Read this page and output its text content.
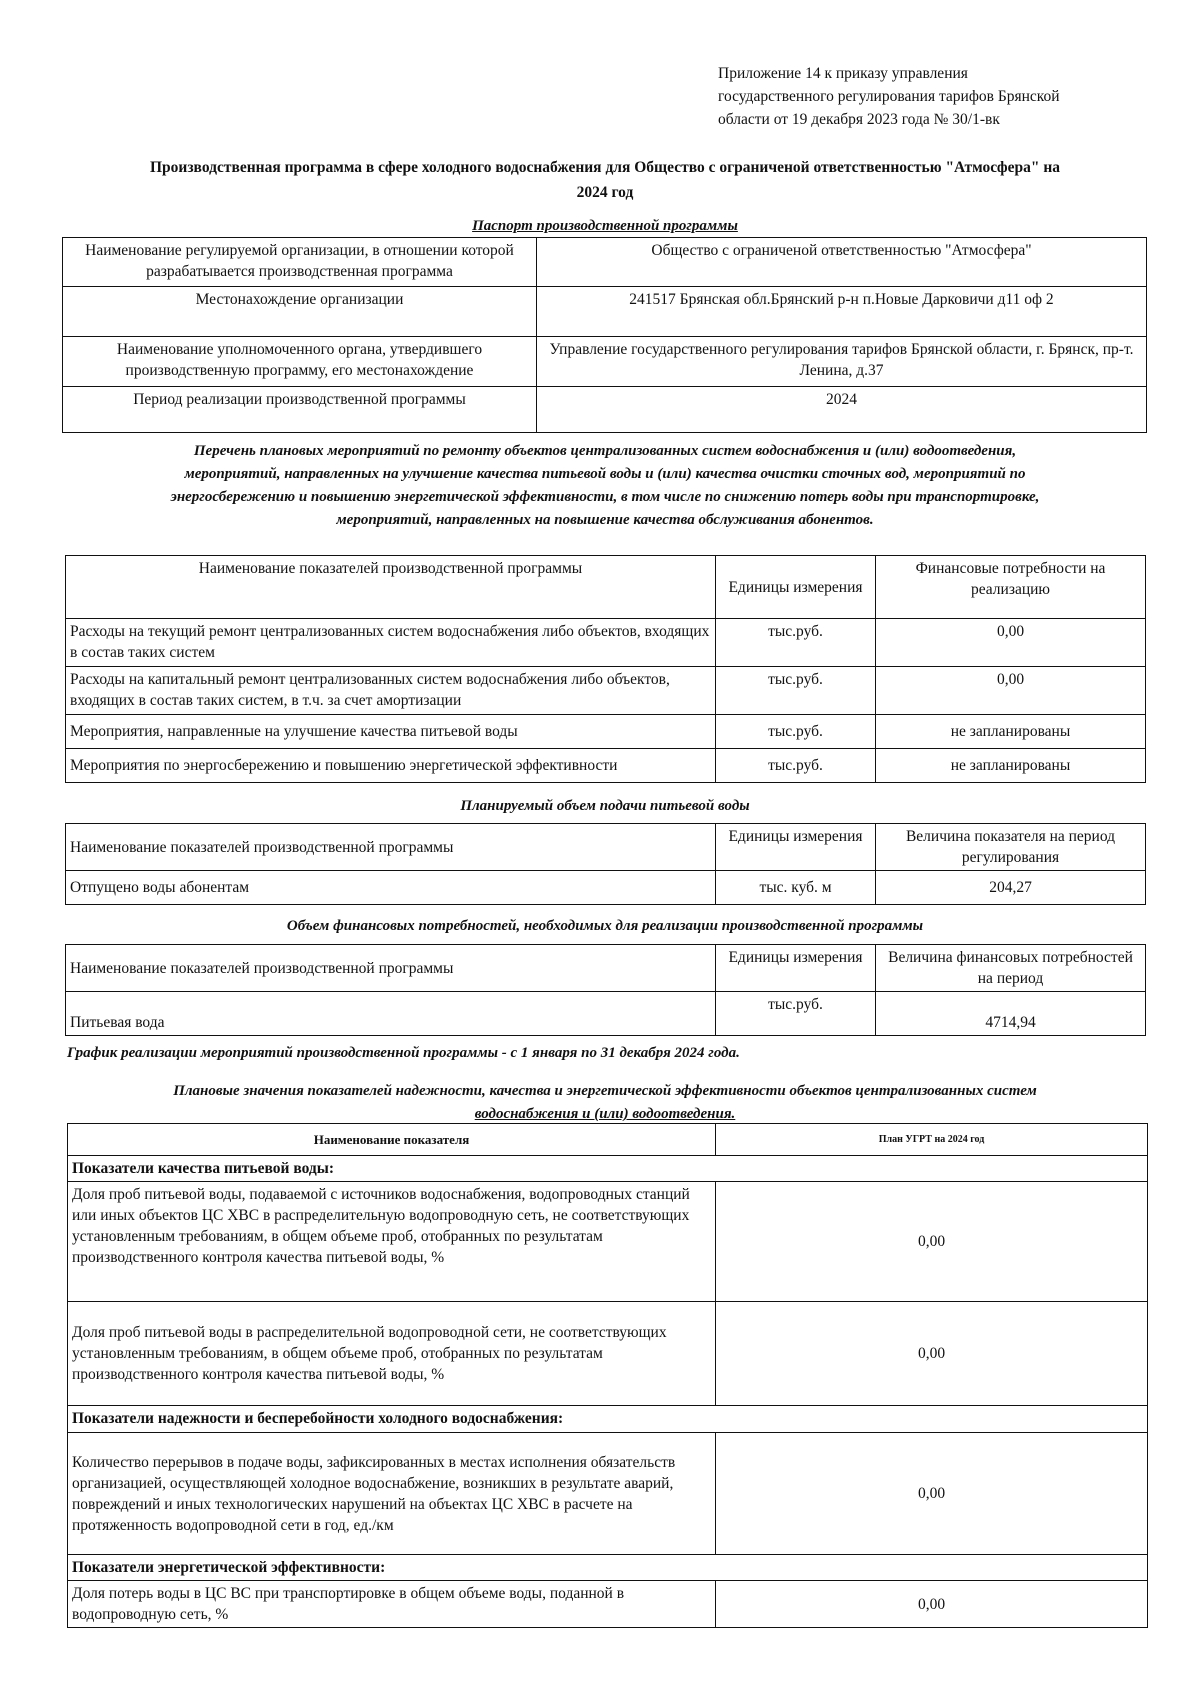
Приложение 14 к приказу управления
государственного регулирования тарифов Брянской
области от 19 декабря 2023 года № 30/1-вк
Производственная программа в сфере холодного водоснабжения для Общество с ограниченой ответственностью "Атмосфера" на
2024 год
Паспорт производственной программы
Наименование регулируемой организации, в отношении которой разрабатывается производственная программа	Общество с ограниченой ответственностью "Атмосфера"
Местонахождение организации	241517 Брянская обл.Брянский р-н п.Новые Дарковичи д11 оф 2
Наименование уполномоченного органа, утвердившего производственную программу, его местонахождение	Управление государственного регулирования тарифов Брянской области, г. Брянск, пр-т. Ленина, д.37
Период реализации производственной программы	2024
Перечень плановых мероприятий по ремонту объектов централизованных систем водоснабжения и (или) водоотведения,
мероприятий, направленных на улучшение качества питьевой воды и (или) качества очистки сточных вод, мероприятий по
энергосбережению и повышению энергетической эффективности, в том числе по снижению потерь воды при транспортировке,
мероприятий, направленных на повышение качества обслуживания абонентов.
Наименование показателей производственной программы	Единицы измерения	Финансовые потребности на реализацию
Расходы на текущий ремонт централизованных систем водоснабжения либо объектов, входящих в состав таких систем	тыс.руб.	0,00
Расходы на капитальный ремонт централизованных систем водоснабжения либо объектов, входящих в состав таких систем, в т.ч. за счет амортизации	тыс.руб.	0,00
Мероприятия, направленные на улучшение качества питьевой воды	тыс.руб.	не запланированы
Мероприятия по энергосбережению и повышению энергетической эффективности	тыс.руб.	не запланированы
Планируемый объем подачи питьевой воды
Наименование показателей производственной программы	Единицы измерения	Величина показателя на период регулирования
Отпущено воды абонентам	тыс. куб. м	204,27
Объем финансовых потребностей, необходимых для реализации производственной программы
Наименование показателей производственной программы	Единицы измерения	Величина финансовых потребностей на период
Питьевая вода	тыс.руб.	4714,94
График реализации мероприятий производственной программы - с 1 января по 31 декабря 2024 года.
Плановые значения показателей надежности, качества и энергетической эффективности объектов централизованных систем
водоснабжения и (или) водоотведения.
Наименование показателя	План УГРТ на 2024 год
Показатели качества питьевой воды:	
Доля проб питьевой воды, подаваемой с источников водоснабжения, водопроводных станций или иных объектов ЦС ХВС в распределительную водопроводную сеть, не соответствующих установленным требованиям, в общем объеме проб, отобранных по результатам производственного контроля качества питьевой воды, %	0,00
Доля проб питьевой воды в распределительной водопроводной сети, не соответствующих установленным требованиям, в общем объеме проб, отобранных по результатам производственного контроля качества питьевой воды, %	0,00
Показатели надежности и бесперебойности холодного водоснабжения:	
Количество перерывов в подаче воды, зафиксированных в местах исполнения обязательств организацией, осуществляющей холодное водоснабжение, возникших в результате аварий, повреждений и иных технологических нарушений на объектах ЦС ХВС в расчете на протяженность водопроводной сети в год, ед./км	0,00
Показатели энергетической эффективности:	
Доля потерь воды в ЦС ВС при транспортировке в общем объеме воды, поданной в водопроводную сеть, %	0,00
